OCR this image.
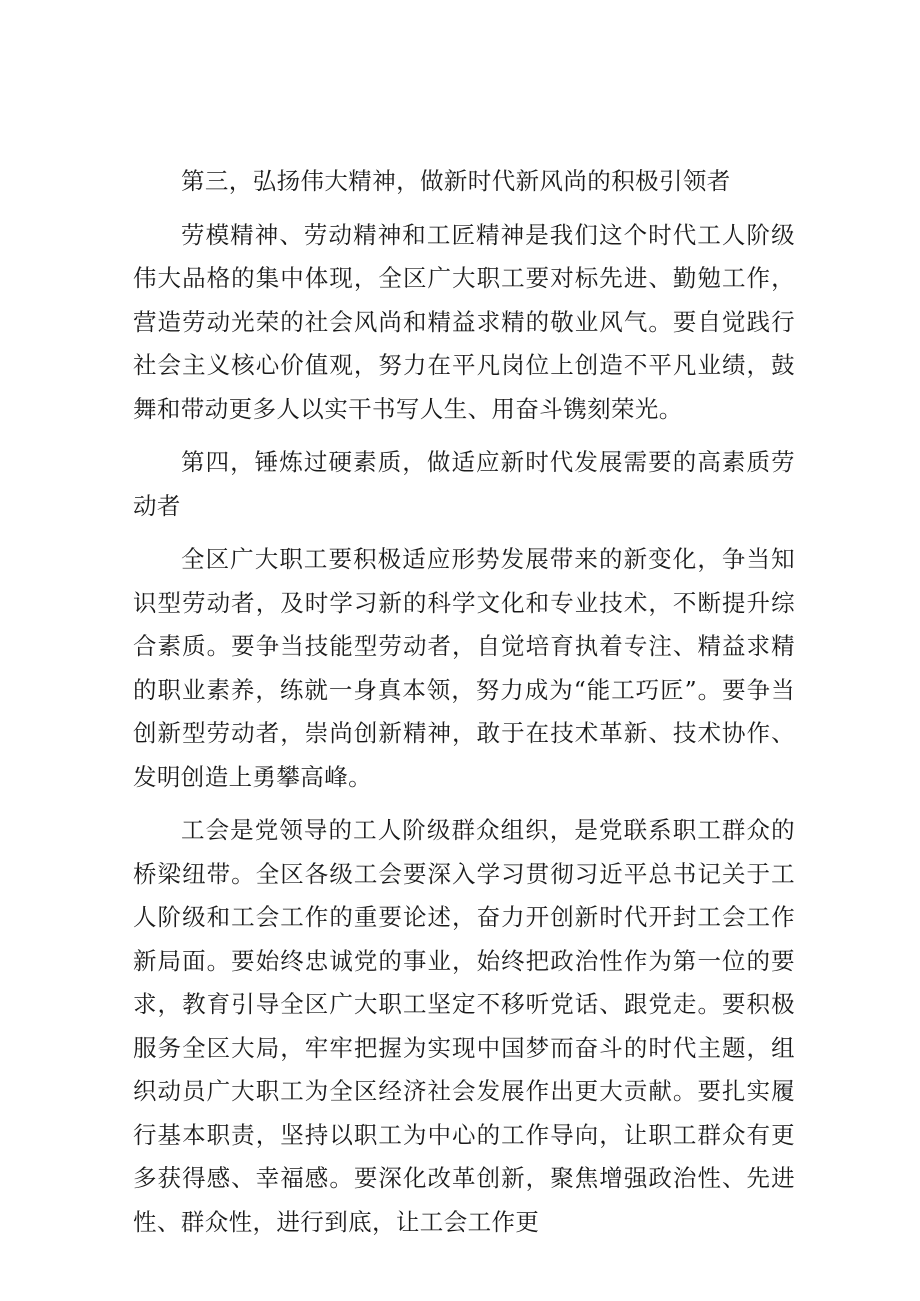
第三，弘扬伟大精神，做新时代新风尚的积极引领者

劳模精神、劳动精神和工匠精神是我们这个时代工人阶级伟大品格的集中体现，全区广大职工要对标先进、勤勉工作，营造劳动光荣的社会风尚和精益求精的敬业风气。要自觉践行社会主义核心价值观，努力在平凡岗位上创造不平凡业绩，鼓舞和带动更多人以实干书写人生、用奋斗镌刻荣光。

第四，锤炼过硬素质，做适应新时代发展需要的高素质劳动者

全区广大职工要积极适应形势发展带来的新变化，争当知识型劳动者，及时学习新的科学文化和专业技术，不断提升综合素质。要争当技能型劳动者，自觉培育执着专注、精益求精的职业素养，练就一身真本领，努力成为“能工巧匠”。要争当创新型劳动者，崇尚创新精神，敢于在技术革新、技术协作、发明创造上勇攀高峰。

工会是党领导的工人阶级群众组织，是党联系职工群众的桥梁纽带。全区各级工会要深入学习贯彻习近平总书记关于工人阶级和工会工作的重要论述，奋力开创新时代开封工会工作新局面。要始终忠诚党的事业，始终把政治性作为第一位的要求，教育引导全区广大职工坚定不移听党话、跟党走。要积极服务全区大局，牢牢把握为实现中国梦而奋斗的时代主题，组织动员广大职工为全区经济社会发展作出更大贡献。要扎实履行基本职责，坚持以职工为中心的工作导向，让职工群众有更多获得感、幸福感。要深化改革创新，聚焦增强政治性、先进性、群众性，进行到底，让工会工作更
